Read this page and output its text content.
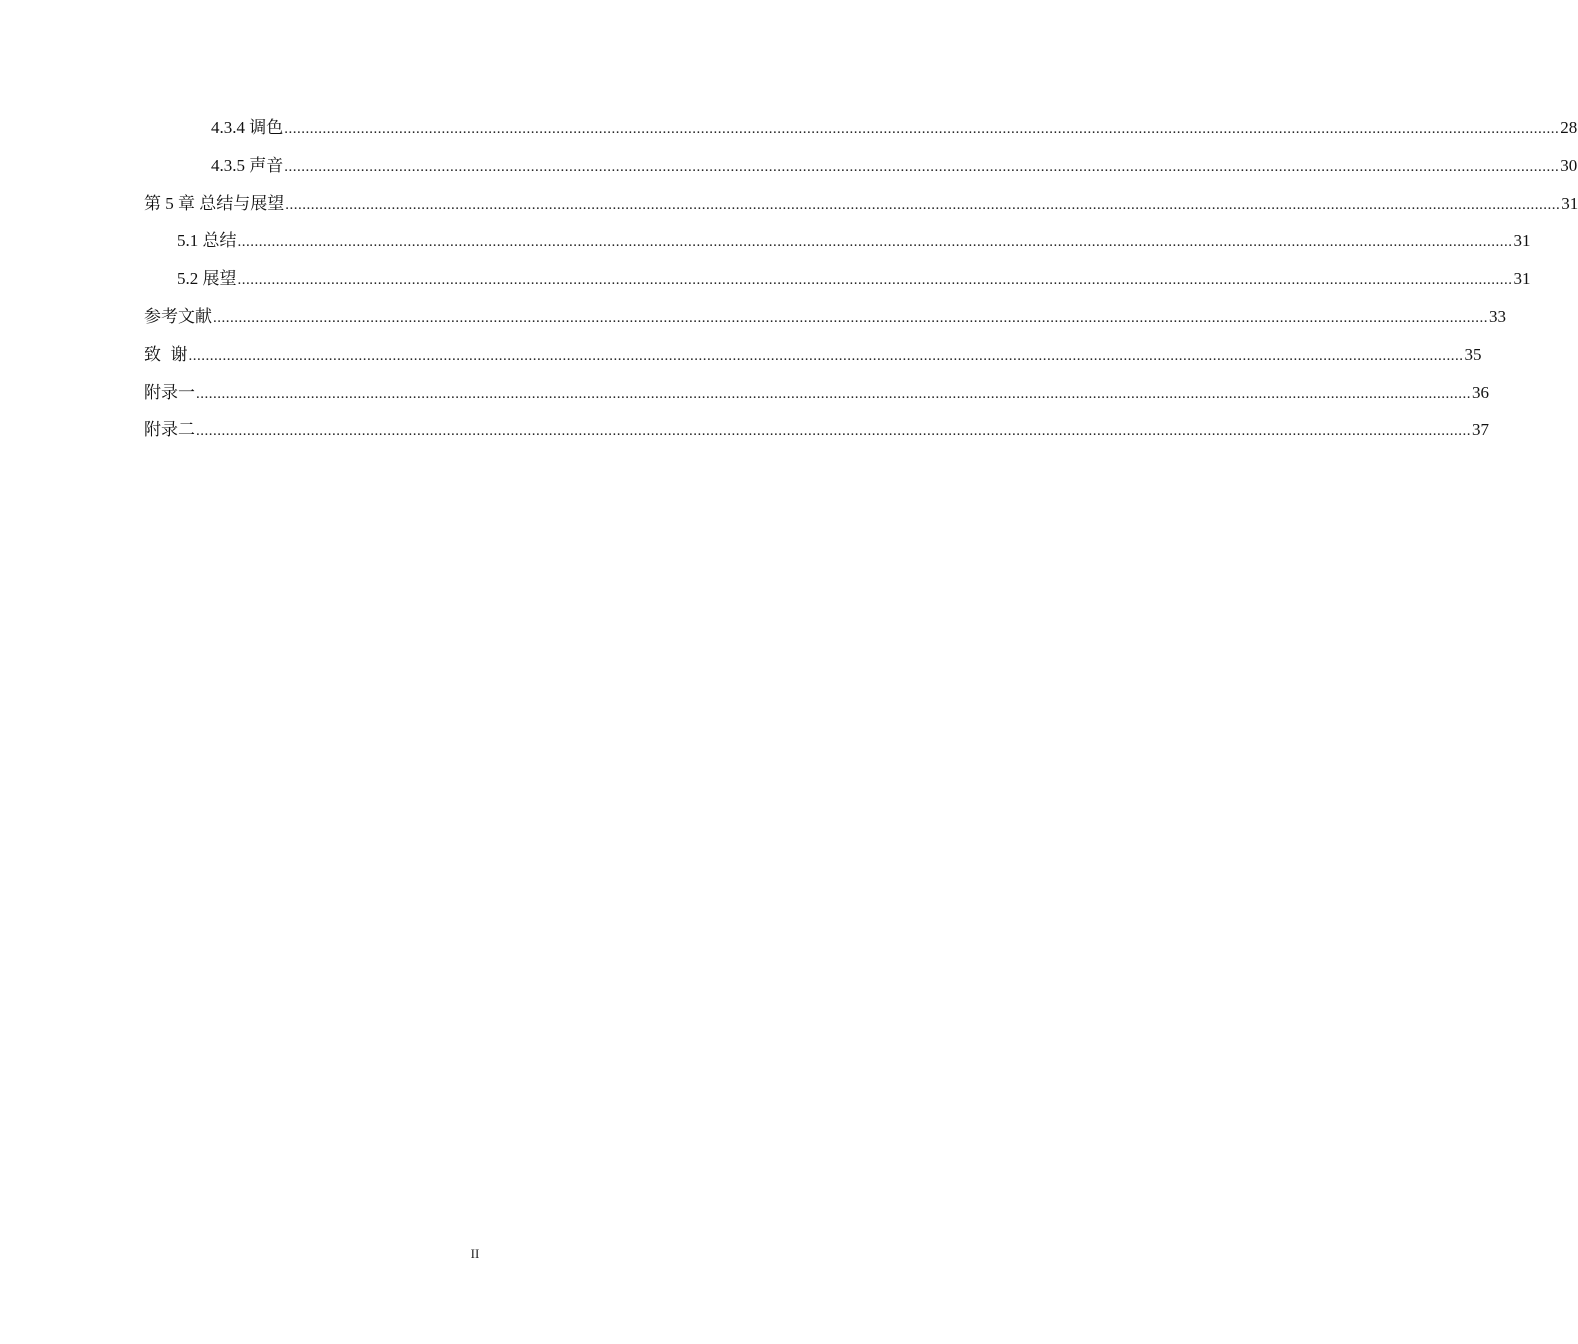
4.3.4 调色 ............................................................................................................................................................................................................................................................................................................ 28
4.3.5 声音 ............................................................................................................................................................................................................................................................................................................ 30
第 5 章 总结与展望 ............................................................................................................................................................................................................................................................................................................ 31
5.1 总结 ............................................................................................................................................................................................................................................................................................................ 31
5.2 展望 ............................................................................................................................................................................................................................................................................................................ 31
参考文献 ............................................................................................................................................................................................................................................................................................................ 33
致  谢 ............................................................................................................................................................................................................................................................................................................ 35
附录一 ............................................................................................................................................................................................................................................................................................................ 36
附录二 ............................................................................................................................................................................................................................................................................................................ 37
II
